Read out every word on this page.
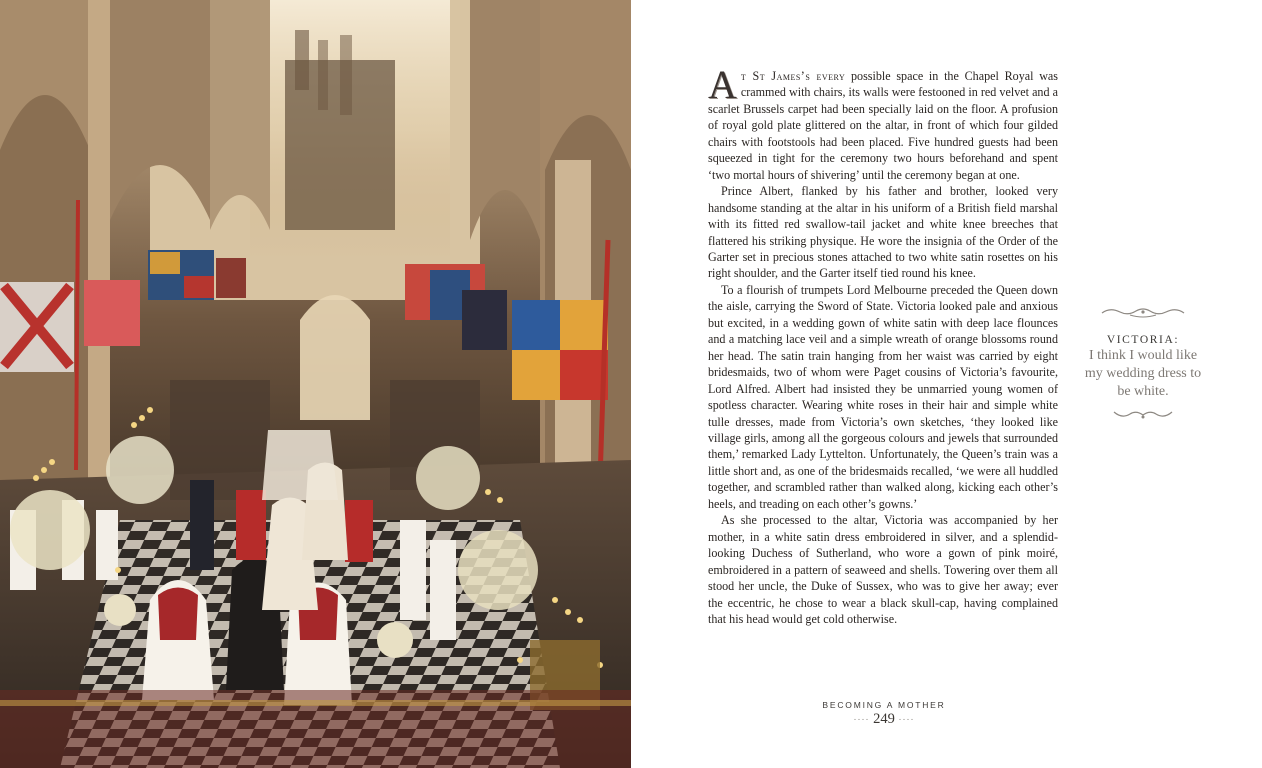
At St James’s every possible space in the Chapel Royal was crammed with chairs, its walls were festooned in red velvet and a scarlet Brussels carpet had been specially laid on the floor. A profusion of royal gold plate glittered on the altar, in front of which four gilded chairs with footstools had been placed. Five hundred guests had been squeezed in tight for the ceremony two hours beforehand and spent ‘two mortal hours of shivering’ until the ceremony began at one.

Prince Albert, flanked by his father and brother, looked very handsome standing at the altar in his uniform of a British field marshal with its fitted red swallow-tail jacket and white knee breeches that flattered his striking physique. He wore the insignia of the Order of the Garter set in precious stones attached to two white satin rosettes on his right shoulder, and the Garter itself tied round his knee.

To a flourish of trumpets Lord Melbourne preceded the Queen down the aisle, carrying the Sword of State. Victoria looked pale and anxious but excited, in a wedding gown of white satin with deep lace flounces and a matching lace veil and a simple wreath of orange blossoms round her head. The satin train hanging from her waist was carried by eight bridesmaids, two of whom were Paget cousins of Victoria’s favourite, Lord Alfred. Albert had insisted they be unmarried young women of spotless character. Wearing white roses in their hair and simple white tulle dresses, made from Victoria’s own sketches, ‘they looked like village girls, among all the gorgeous colours and jewels that surrounded them,’ remarked Lady Lyttelton. Unfortunately, the Queen’s train was a little short and, as one of the bridesmaids recalled, ‘we were all huddled together, and scrambled rather than walked along, kicking each other’s heels, and treading on each other’s gowns.’

As she processed to the altar, Victoria was accompanied by her mother, in a white satin dress embroidered in silver, and a splendid-looking Duchess of Sutherland, who wore a gown of pink moiré, embroidered in a pattern of seaweed and shells. Towering over them all stood her uncle, the Duke of Sussex, who was to give her away; ever the eccentric, he chose to wear a black skull-cap, having complained that his head would get cold otherwise.

VICTORIA:
I think I would like my wedding dress to be white.
BECOMING A MOTHER
···· 249 ····
